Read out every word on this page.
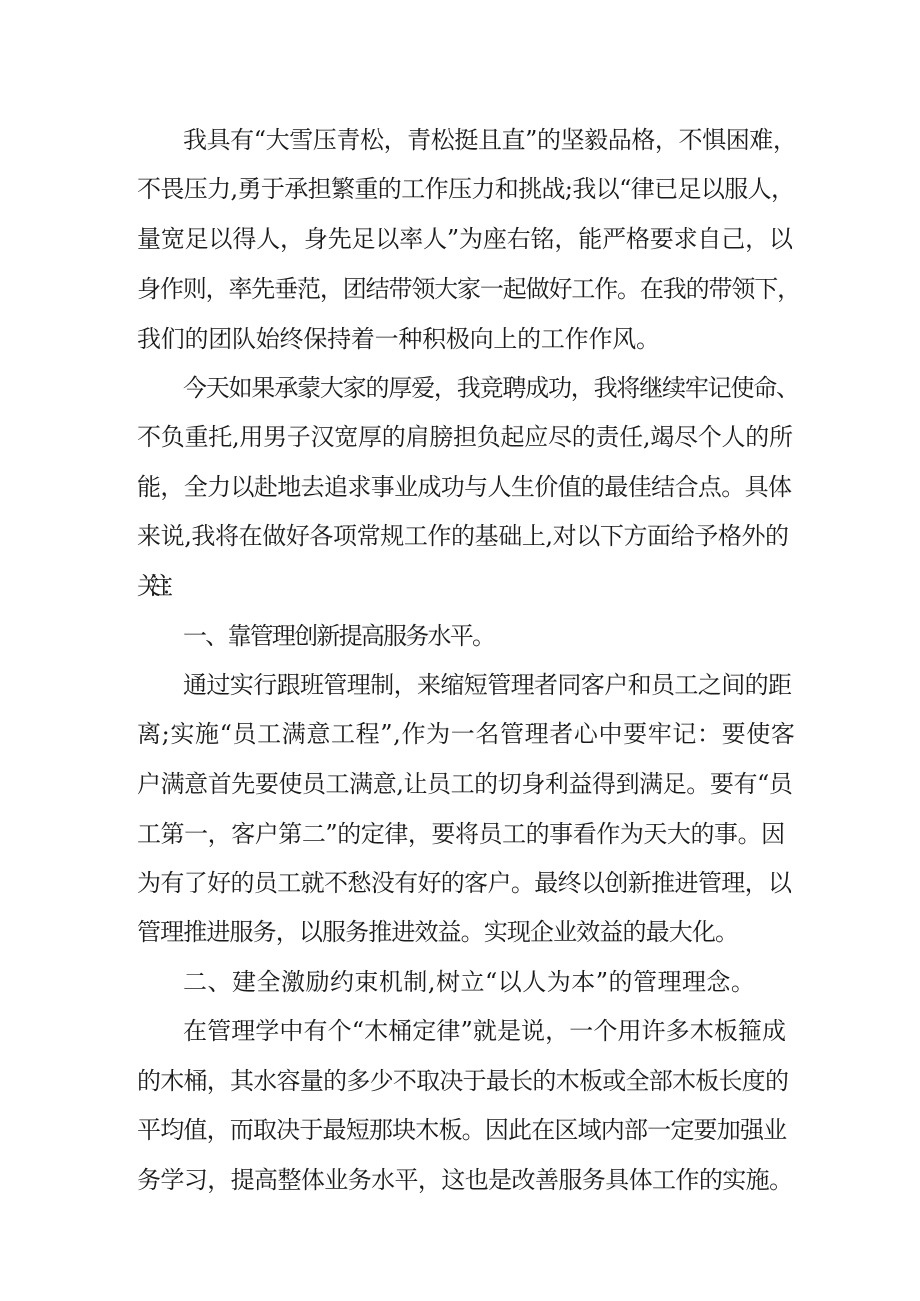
我具有“大雪压青松，青松挺且直”的坚毅品格，不惧困难，
不畏压力,勇于承担繁重的工作压力和挑战;我以“律已足以服人，
量宽足以得人，身先足以率人”为座右铭，能严格要求自己，以
身作则，率先垂范，团结带领大家一起做好工作。在我的带领下，
我们的团队始终保持着一种积极向上的工作作风。
今天如果承蒙大家的厚爱，我竞聘成功，我将继续牢记使命、
不负重托,用男子汉宽厚的肩膀担负起应尽的责任,竭尽个人的所
能，全力以赴地去追求事业成功与人生价值的最佳结合点。具体
来说,我将在做好各项常规工作的基础上,对以下方面给予格外的
关注：
一、靠管理创新提高服务水平。
通过实行跟班管理制，来缩短管理者同客户和员工之间的距
离;实施“员工满意工程”,作为一名管理者心中要牢记：要使客
户满意首先要使员工满意,让员工的切身利益得到满足。要有“员
工第一，客户第二”的定律，要将员工的事看作为天大的事。因
为有了好的员工就不愁没有好的客户。最终以创新推进管理，以
管理推进服务，以服务推进效益。实现企业效益的最大化。
二、建全激励约束机制,树立“以人为本”的管理理念。
在管理学中有个“木桶定律”就是说，一个用许多木板箍成
的木桶，其水容量的多少不取决于最长的木板或全部木板长度的
平均值，而取决于最短那块木板。因此在区域内部一定要加强业
务学习，提高整体业务水平，这也是改善服务具体工作的实施。
